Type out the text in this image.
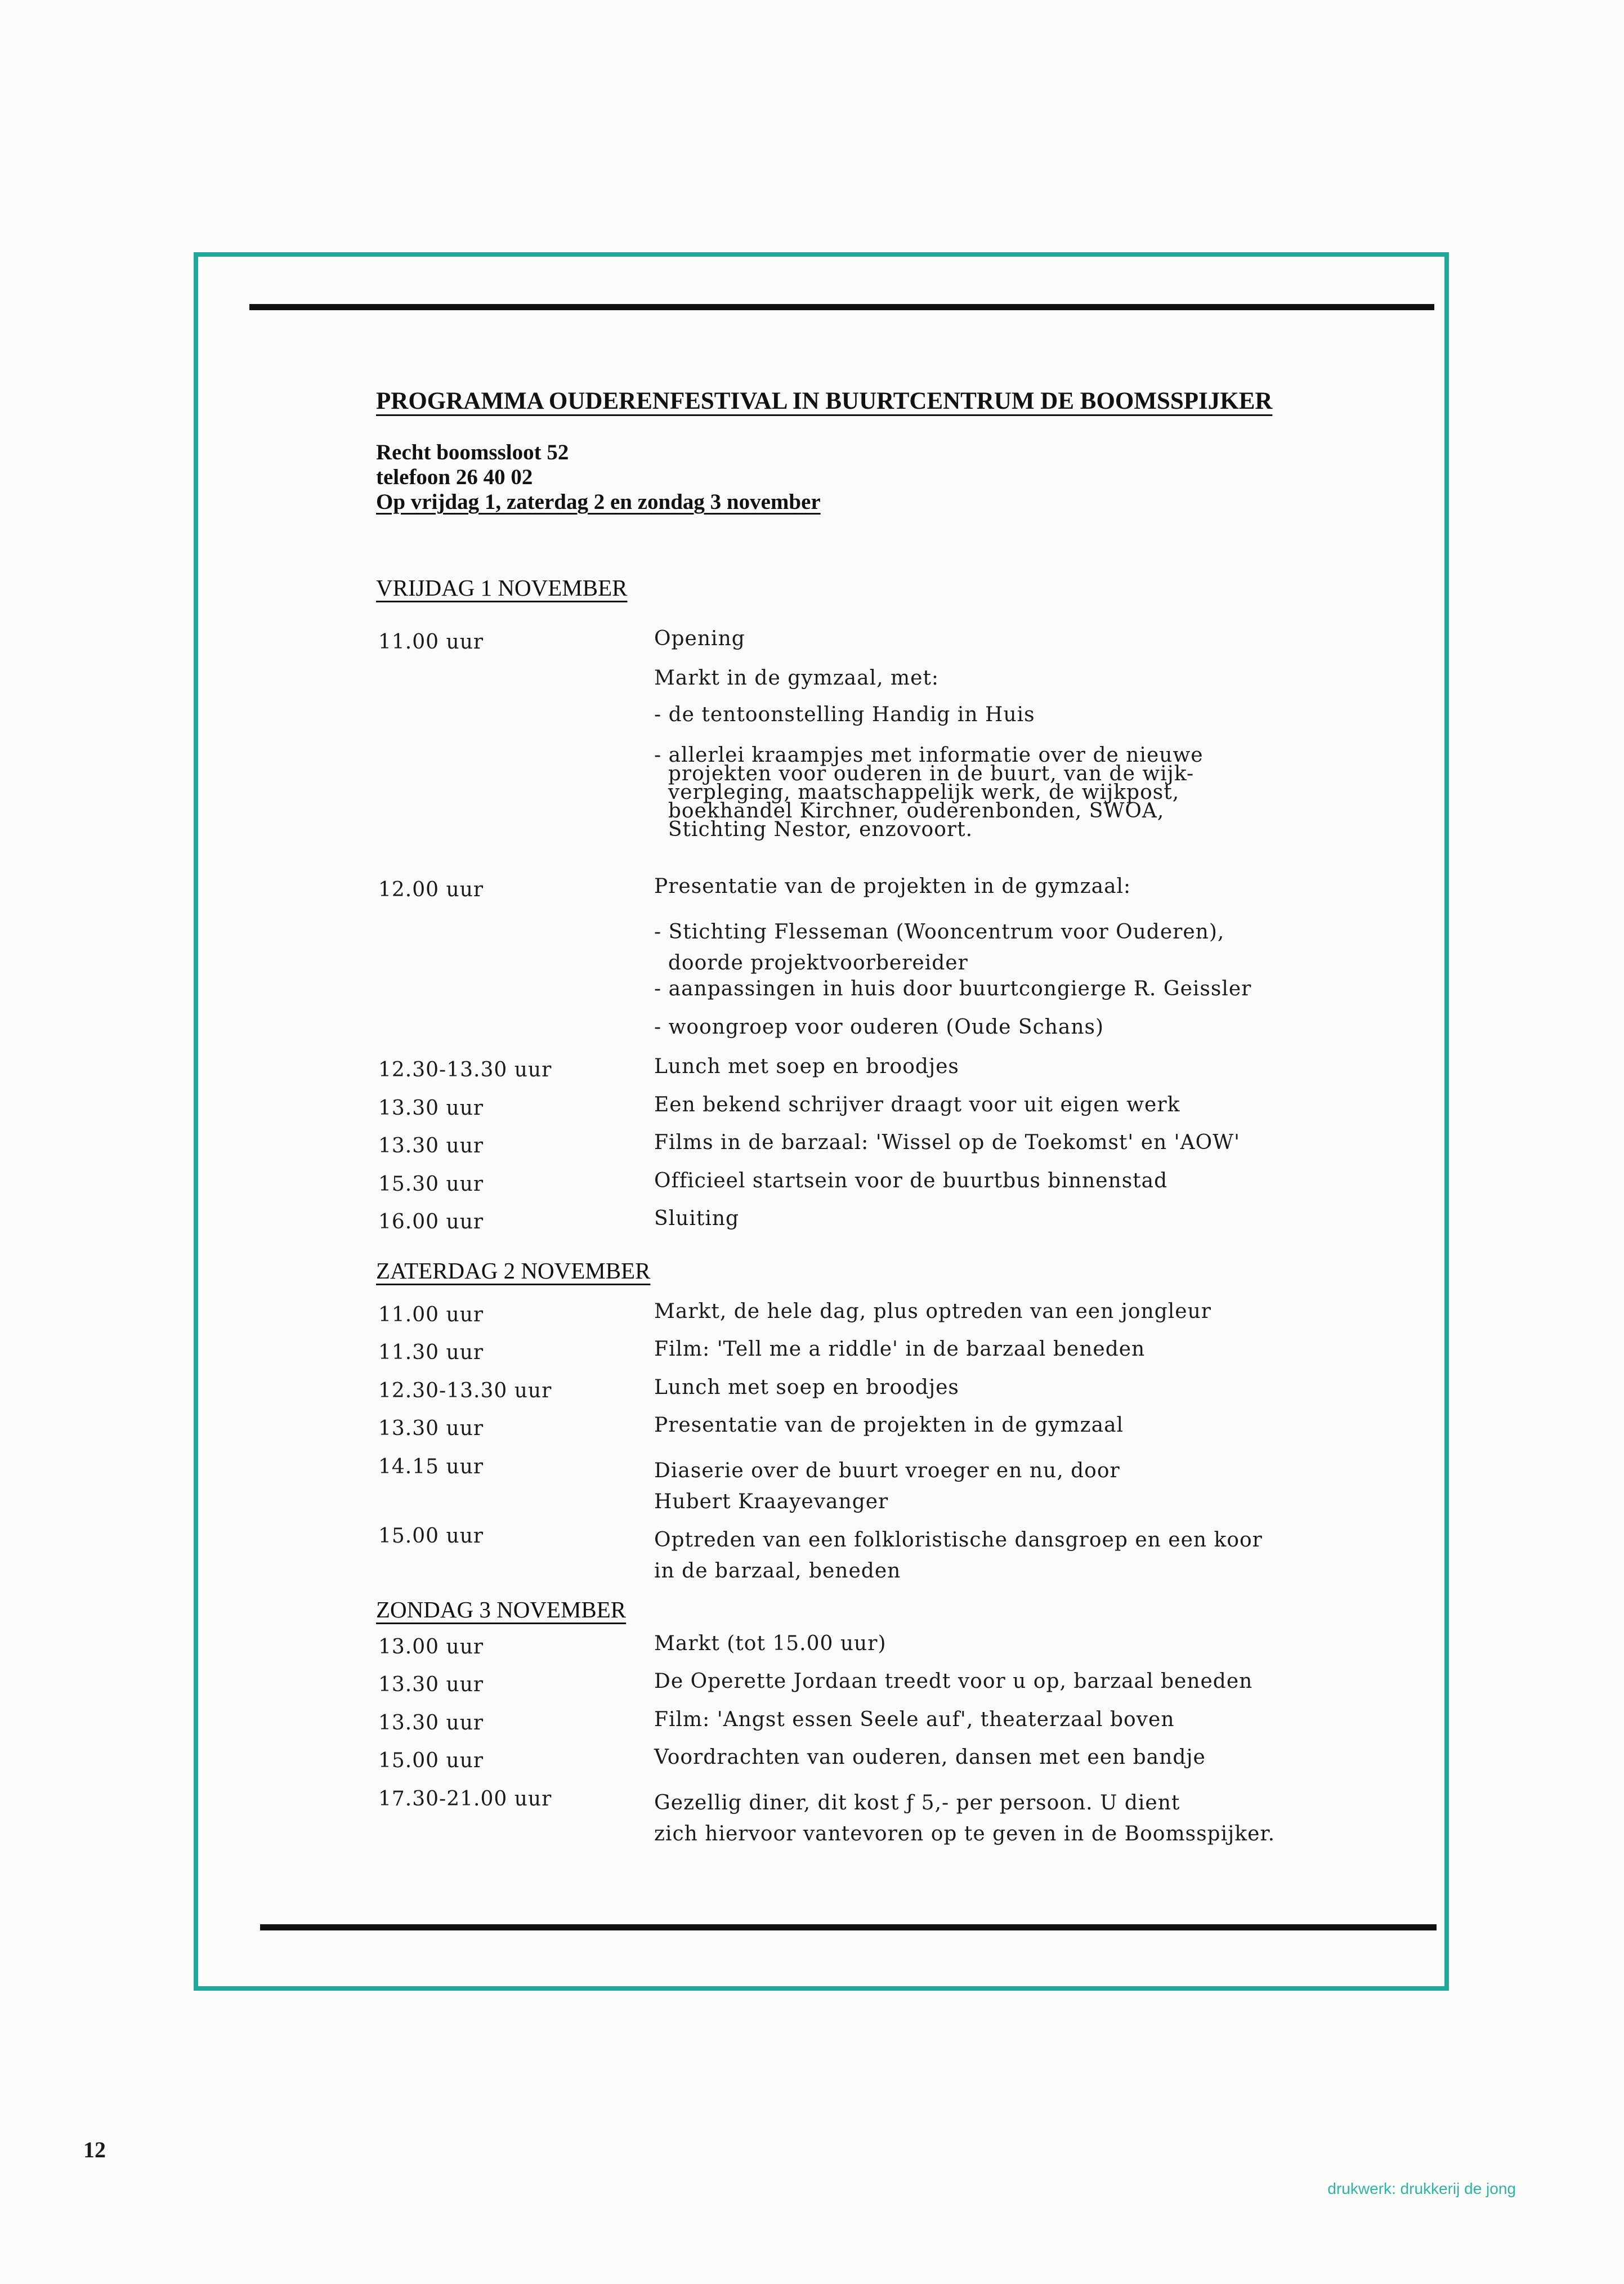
PROGRAMMA OUDERENFESTIVAL IN BUURTCENTRUM DE BOOMSSPIJKER
Recht boomssloot 52
telefoon 26 40 02
Op vrijdag 1, zaterdag 2 en zondag 3 november
VRIJDAG 1 NOVEMBER
ZATERDAG 2 NOVEMBER
ZONDAG 3 NOVEMBER
11.00 uur	Opening
Markt in de gymzaal, met:
- de tentoonstelling Handig in Huis
- allerlei kraampjes met informatie over de nieuwe
projekten voor ouderen in de buurt, van de wijk-
verpleging, maatschappelijk werk, de wijkpost,
boekhandel Kirchner, ouderenbonden, SWOA,
Stichting Nestor, enzovoort.
12.00 uur	Presentatie van de projekten in de gymzaal:
- Stichting Flesseman (Wooncentrum voor Ouderen),
doorde projektvoorbereider
- aanpassingen in huis door buurtcongierge R. Geissler
- woongroep voor ouderen (Oude Schans)
12.30-13.30 uur	Lunch met soep en broodjes
13.30 uur	Een bekend schrijver draagt voor uit eigen werk
13.30 uur	Films in de barzaal: 'Wissel op de Toekomst' en 'AOW'
15.30 uur	Officieel startsein voor de buurtbus binnenstad
16.00 uur	Sluiting
11.00 uur	Markt, de hele dag, plus optreden van een jongleur
11.30 uur	Film: 'Tell me a riddle' in de barzaal beneden
12.30-13.30 uur	Lunch met soep en broodjes
13.30 uur	Presentatie van de projekten in de gymzaal
14.15 uur	Diaserie over de buurt vroeger en nu, door
Hubert Kraayevanger
15.00 uur	Optreden van een folkloristische dansgroep en een koor
in de barzaal, beneden
13.00 uur	Markt (tot 15.00 uur)
13.30 uur	De Operette Jordaan treedt voor u op, barzaal beneden
13.30 uur	Film: 'Angst essen Seele auf', theaterzaal boven
15.00 uur	Voordrachten van ouderen, dansen met een bandje
17.30-21.00 uur	Gezellig diner, dit kost ƒ 5,- per persoon. U dient
zich hiervoor vantevoren op te geven in de Boomsspijker.
12
drukwerk: drukkerij de jong
